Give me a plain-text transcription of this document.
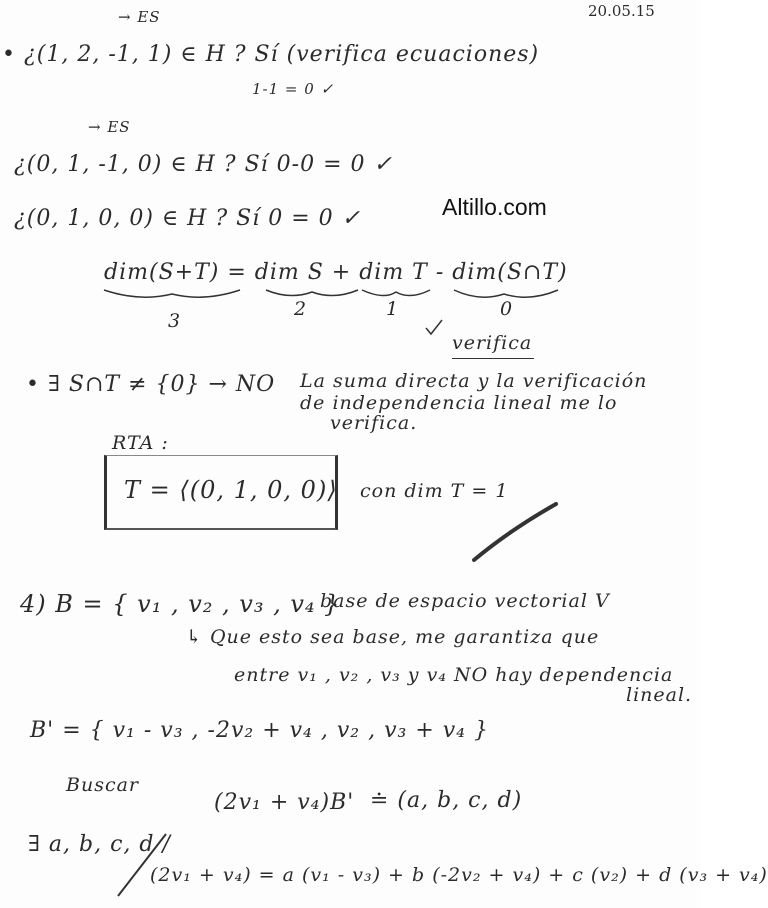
20.05.15
→ ES
• ¿(1, 2, -1, 1) ∈ H ? Sí (verifica ecuaciones)
1-1 = 0 ✓
→ ES
¿(0, 1, -1, 0) ∈ H ? Sí 0-0 = 0 ✓
¿(0, 1, 0, 0) ∈ H ? Sí 0 = 0 ✓	Altillo.com
dim(S+T) = dim S + dim T - dim(S∩T)
3
2	1	0
verifica
• ∃ S∩T ≠ {0} → NO La suma directa y la verificación
de independencia lineal me lo
verifica.
RTA :
T = ⟨(0, 1, 0, 0)⟩ con dim T = 1
4) B = { v₁ , v₂ , v₃ , v₄ }
base de espacio vectorial V
↳ Que esto sea base, me garantiza que
entre v₁ , v₂ , v₃ y v₄ NO hay dependencia
lineal.
B' = { v₁ - v₃ , -2v₂ + v₄ , v₂ , v₃ + v₄ }
Buscar
(2v₁ + v₄)B' ≐ (a, b, c, d)
∃ a, b, c, d /
(2v₁ + v₄) = a (v₁ - v₃) + b (-2v₂ + v₄) + c (v₂) + d (v₃ + v₄)
